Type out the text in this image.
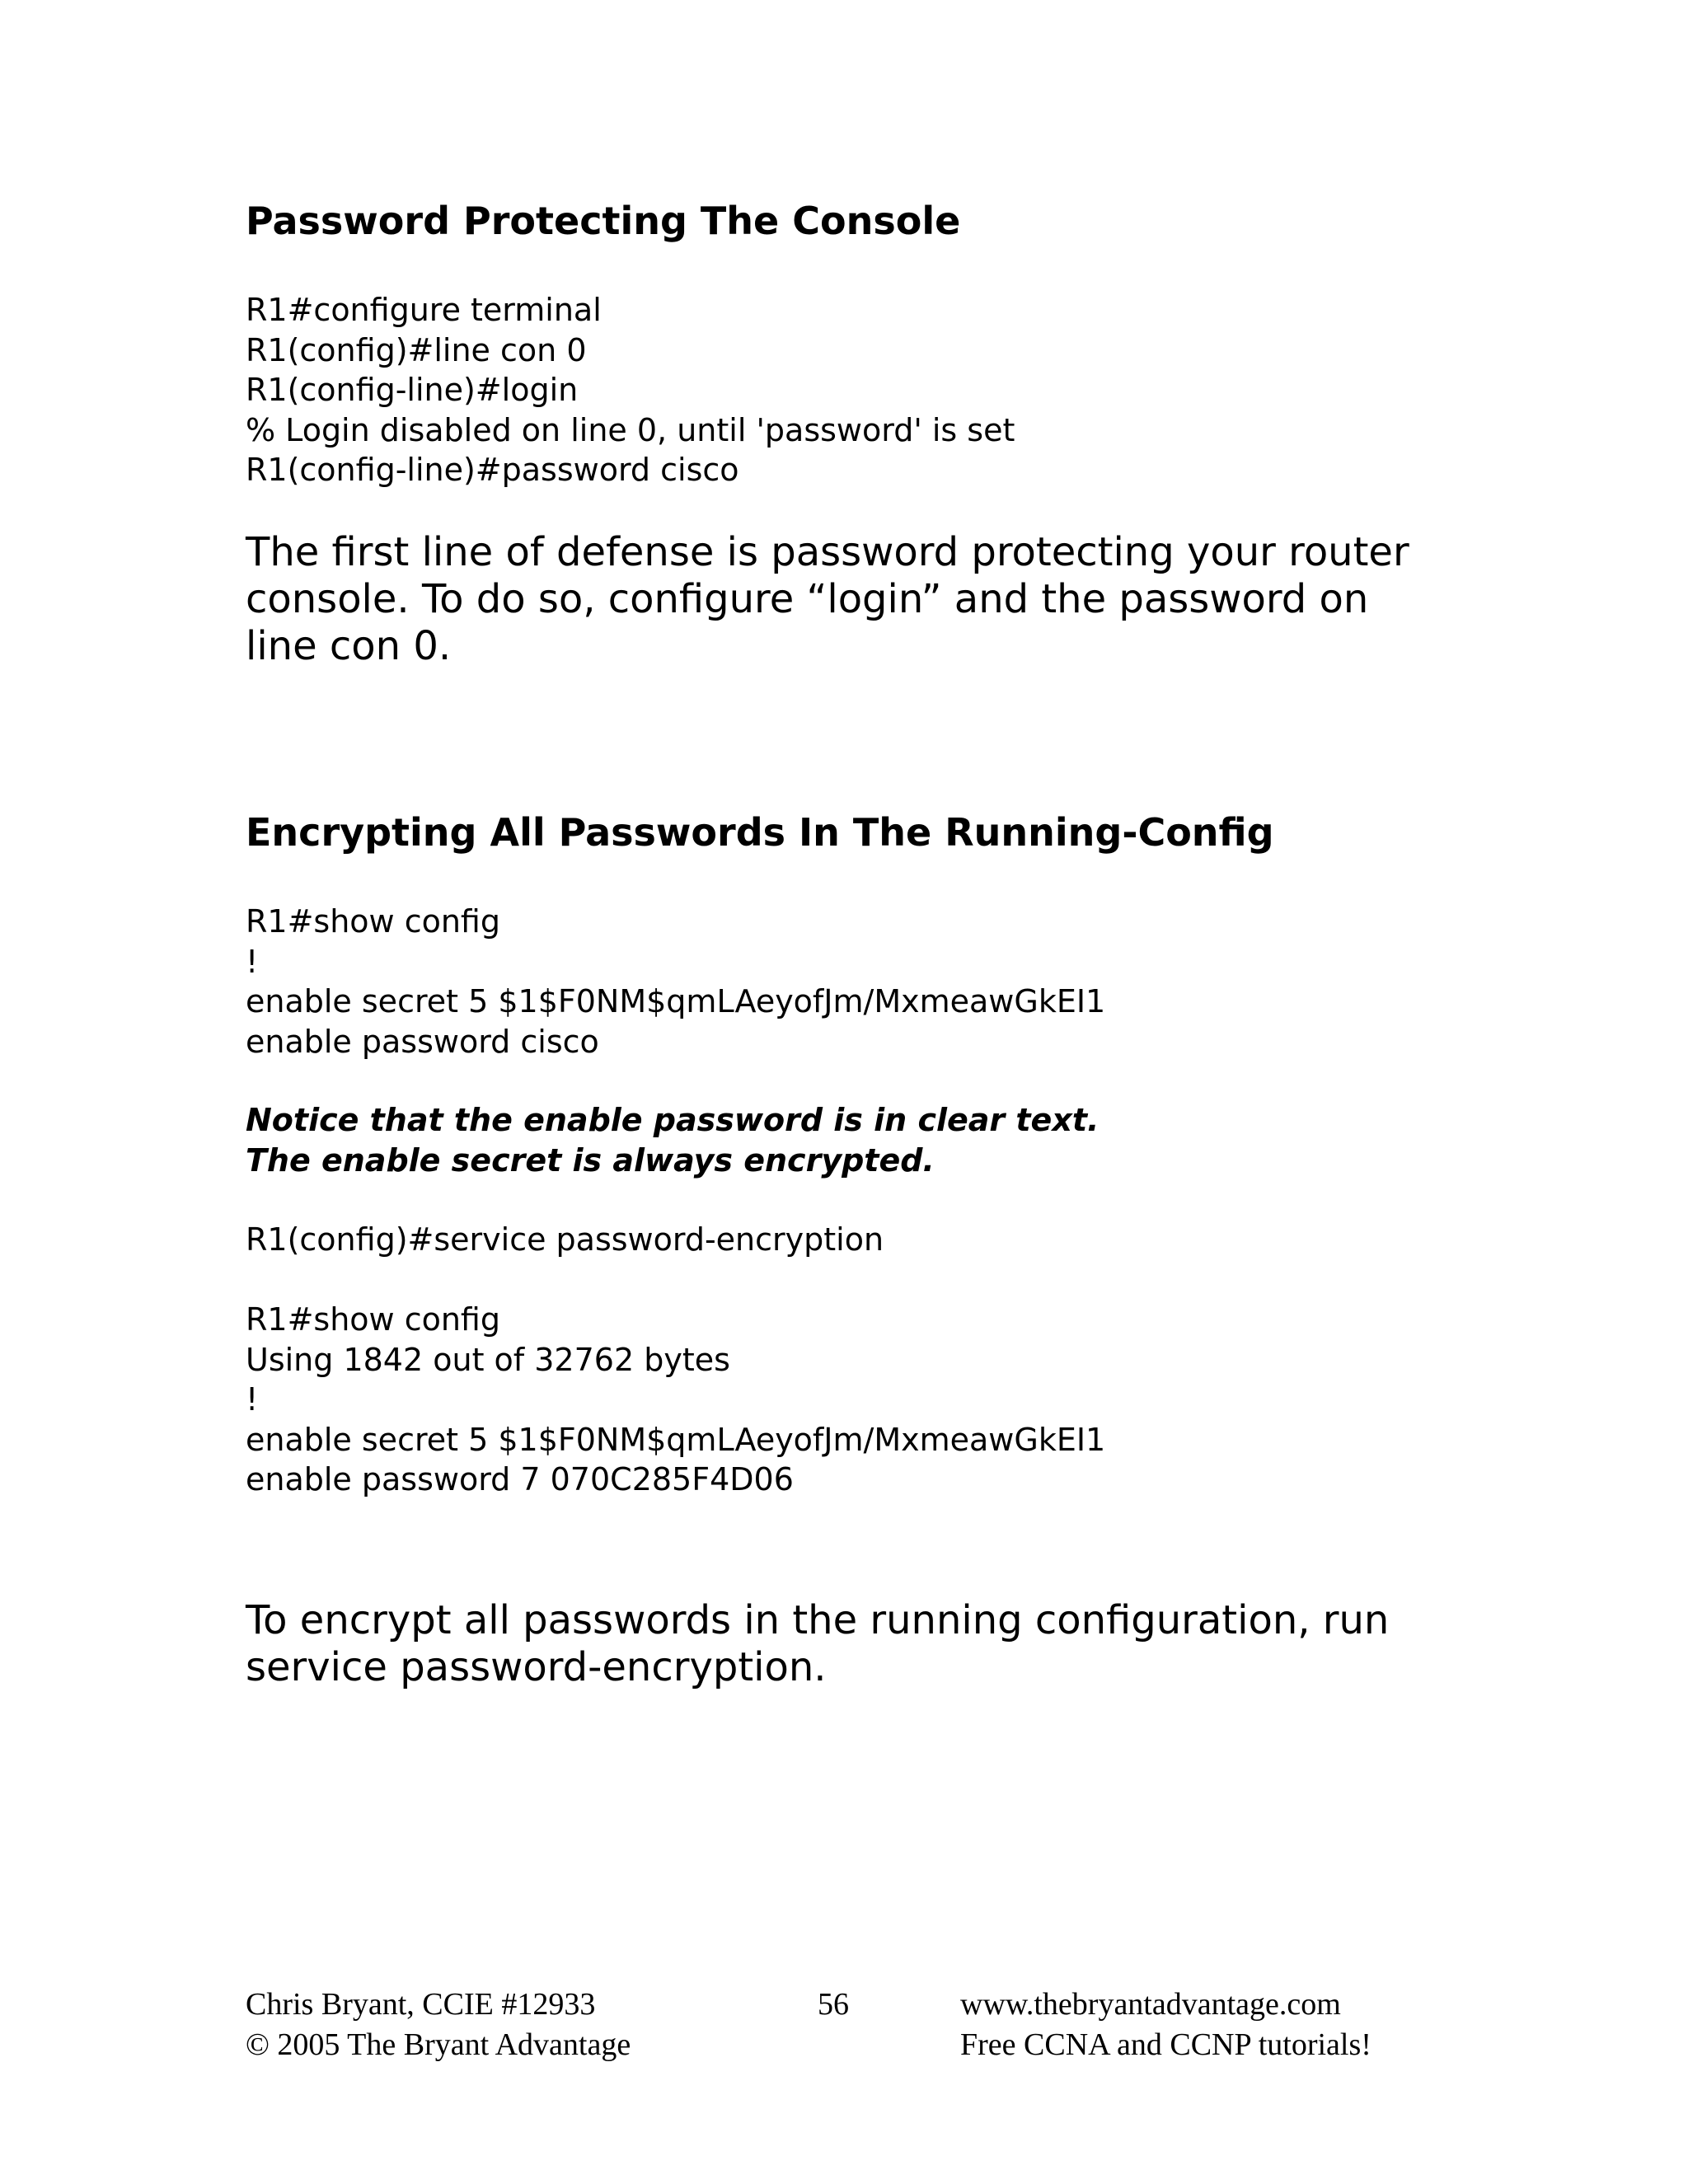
Password Protecting The Console
R1#configure terminal
R1(config)#line con 0
R1(config-line)#login
% Login disabled on line 0, until 'password' is set
R1(config-line)#password cisco

The first line of defense is password protecting your router console. To do so, configure “login” and the password on line con 0.

Encrypting All Passwords In The Running-Config
R1#show config
!
enable secret 5 $1$F0NM$qmLAeyofJm/MxmeawGkEI1
enable password cisco
Notice that the enable password is in clear text.
The enable secret is always encrypted.
R1(config)#service password-encryption
R1#show config
Using 1842 out of 32762 bytes
!
enable secret 5 $1$F0NM$qmLAeyofJm/MxmeawGkEI1
enable password 7 070C285F4D06

To encrypt all passwords in the running configuration, run service password-encryption.

Chris Bryant, CCIE #12933
© 2005 The Bryant Advantage
56	www.thebryantadvantage.com
Free CCNA and CCNP tutorials!
